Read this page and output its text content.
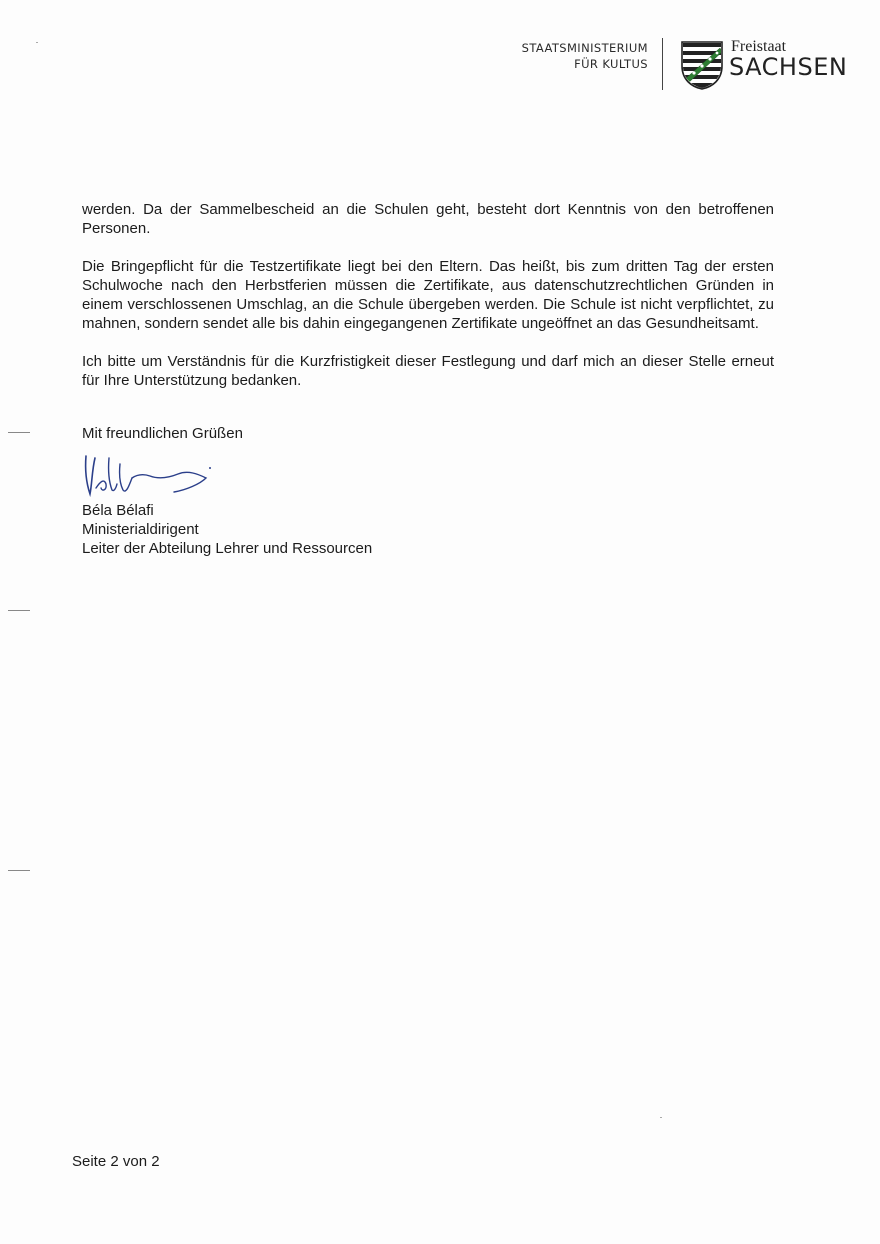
STAATSMINISTERIUM
FÜR KULTUS
Freistaat
SACHSEN

werden. Da der Sammelbescheid an die Schulen geht, besteht dort Kenntnis von den betroffenen Personen.

Die Bringepflicht für die Testzertifikate liegt bei den Eltern. Das heißt, bis zum dritten Tag der ersten Schulwoche nach den Herbstferien müssen die Zertifikate, aus datenschutzrechtlichen Gründen in einem verschlossenen Umschlag, an die Schule übergeben werden. Die Schule ist nicht verpflichtet, zu mahnen, sondern sendet alle bis dahin eingegangenen Zertifikate ungeöffnet an das Gesundheitsamt.

Ich bitte um Verständnis für die Kurzfristigkeit dieser Festlegung und darf mich an dieser Stelle erneut für Ihre Unterstützung bedanken.

Mit freundlichen Grüßen
Béla Bélafi
Ministerialdirigent
Leiter der Abteilung Lehrer und Ressourcen
Seite 2 von 2
